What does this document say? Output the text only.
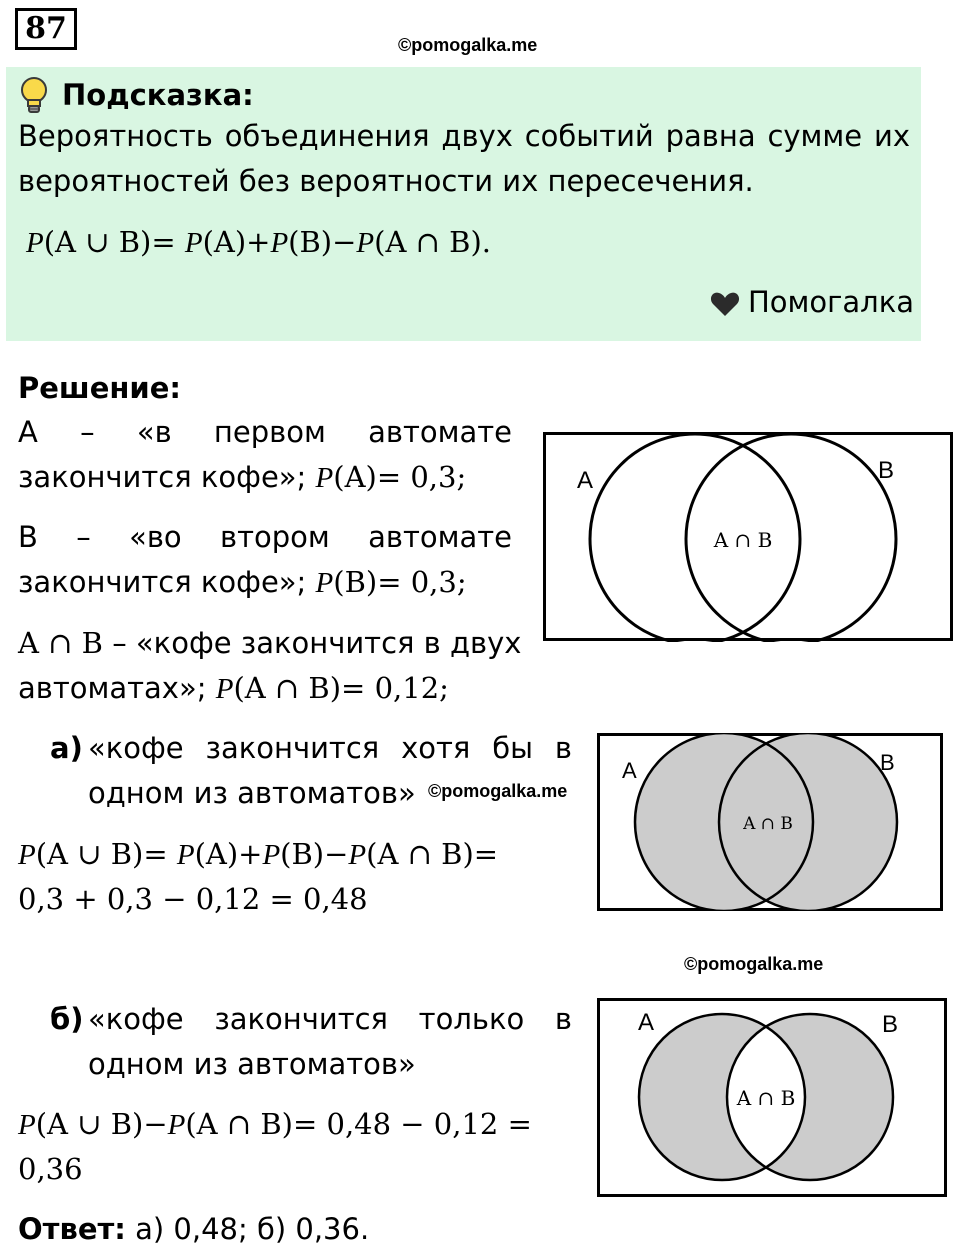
87	©pomogalka.me
Подсказка:
Вероятность объединения двух событий равна сумме их
вероятностей без вероятности их пересечения.
P(A ∪ B)= P(A)+P(B)−P(A ∩ B).
Помогалка
Решение:
A – «в первом автомате
закончится кофе»; P(A)= 0,3;
B – «во втором автомате
закончится кофе»; P(B)= 0,3;
A ∩ B – «кофе закончится в двух
автоматах»; P(A ∩ B)= 0,12;
A	B
A ∩ B
а) «кофе закончится хотя бы в
одном из автоматов» ©pomogalka.me
P(A ∪ B)= P(A)+P(B)−P(A ∩ B)=
0,3 + 0,3 − 0,12 = 0,48
A	B
A ∩ B
©pomogalka.me
б) «кофе закончится только в
одном из автоматов»
P(A ∪ B)−P(A ∩ B)= 0,48 − 0,12 =
0,36
A	B
A ∩ B
Ответ: а) 0,48; б) 0,36.
